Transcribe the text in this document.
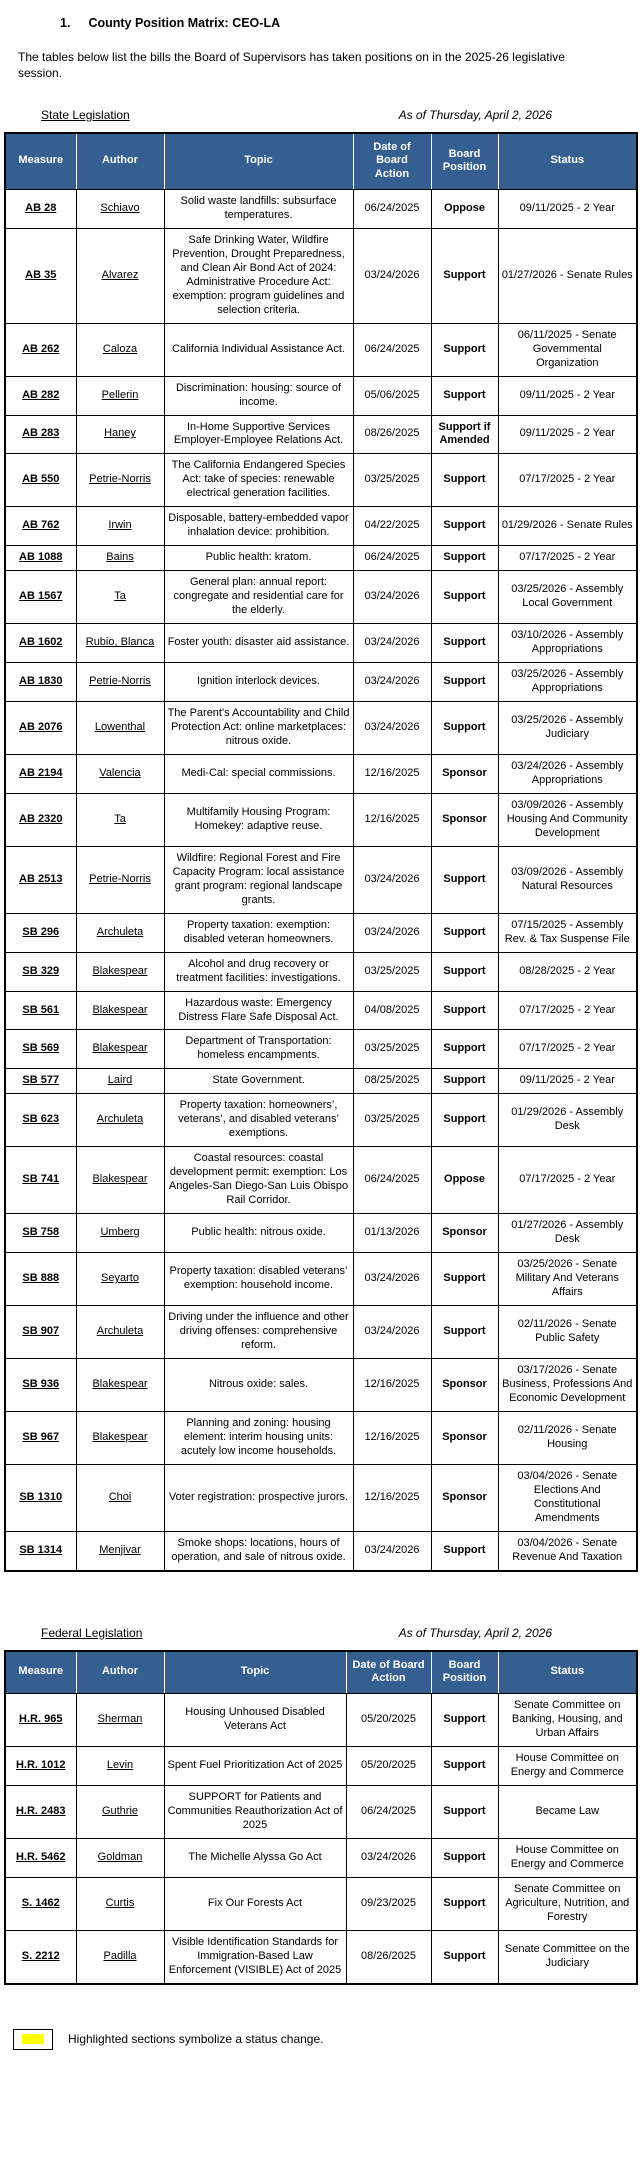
1. County Position Matrix: CEO-LA

The tables below list the bills the Board of Supervisors has taken positions on in the 2025-26 legislative session.

State Legislation	As of Thursday, April 2, 2026
Measure	Author	Topic	Date of Board Action	Board Position	Status
AB 28	Schiavo	Solid waste landfills: subsurface temperatures.	06/24/2025	Oppose	09/11/2025 - 2 Year
AB 35	Alvarez	Safe Drinking Water, Wildfire Prevention, Drought Preparedness, and Clean Air Bond Act of 2024: Administrative Procedure Act: exemption: program guidelines and selection criteria.	03/24/2026	Support	01/27/2026 - Senate Rules
AB 262	Caloza	California Individual Assistance Act.	06/24/2025	Support	06/11/2025 - Senate Governmental Organization
AB 282	Pellerin	Discrimination: housing: source of income.	05/06/2025	Support	09/11/2025 - 2 Year
AB 283	Haney	In-Home Supportive Services Employer-Employee Relations Act.	08/26/2025	Support if Amended	09/11/2025 - 2 Year
AB 550	Petrie-Norris	The California Endangered Species Act: take of species: renewable electrical generation facilities.	03/25/2025	Support	07/17/2025 - 2 Year
AB 762	Irwin	Disposable, battery-embedded vapor inhalation device: prohibition.	04/22/2025	Support	01/29/2026 - Senate Rules
AB 1088	Bains	Public health: kratom.	06/24/2025	Support	07/17/2025 - 2 Year
AB 1567	Ta	General plan: annual report: congregate and residential care for the elderly.	03/24/2026	Support	03/25/2026 - Assembly Local Government
AB 1602	Rubio, Blanca	Foster youth: disaster aid assistance.	03/24/2026	Support	03/10/2026 - Assembly Appropriations
AB 1830	Petrie-Norris	Ignition interlock devices.	03/24/2026	Support	03/25/2026 - Assembly Appropriations
AB 2076	Lowenthal	The Parent's Accountability and Child Protection Act: online marketplaces: nitrous oxide.	03/24/2026	Support	03/25/2026 - Assembly Judiciary
AB 2194	Valencia	Medi-Cal: special commissions.	12/16/2025	Sponsor	03/24/2026 - Assembly Appropriations
AB 2320	Ta	Multifamily Housing Program: Homekey: adaptive reuse.	12/16/2025	Sponsor	03/09/2026 - Assembly Housing And Community Development
AB 2513	Petrie-Norris	Wildfire: Regional Forest and Fire Capacity Program: local assistance grant program: regional landscape grants.	03/24/2026	Support	03/09/2026 - Assembly Natural Resources
SB 296	Archuleta	Property taxation: exemption: disabled veteran homeowners.	03/24/2026	Support	07/15/2025 - Assembly Rev. & Tax Suspense File
SB 329	Blakespear	Alcohol and drug recovery or treatment facilities: investigations.	03/25/2025	Support	08/28/2025 - 2 Year
SB 561	Blakespear	Hazardous waste: Emergency Distress Flare Safe Disposal Act.	04/08/2025	Support	07/17/2025 - 2 Year
SB 569	Blakespear	Department of Transportation: homeless encampments.	03/25/2025	Support	07/17/2025 - 2 Year
SB 577	Laird	State Government.	08/25/2025	Support	09/11/2025 - 2 Year
SB 623	Archuleta	Property taxation: homeowners’, veterans’, and disabled veterans’ exemptions.	03/25/2025	Support	01/29/2026 - Assembly Desk
SB 741	Blakespear	Coastal resources: coastal development permit: exemption: Los Angeles-San Diego-San Luis Obispo Rail Corridor.	06/24/2025	Oppose	07/17/2025 - 2 Year
SB 758	Umberg	Public health: nitrous oxide.	01/13/2026	Sponsor	01/27/2026 - Assembly Desk
SB 888	Seyarto	Property taxation: disabled veterans’ exemption: household income.	03/24/2026	Support	03/25/2026 - Senate Military And Veterans Affairs
SB 907	Archuleta	Driving under the influence and other driving offenses: comprehensive reform.	03/24/2026	Support	02/11/2026 - Senate Public Safety
SB 936	Blakespear	Nitrous oxide: sales.	12/16/2025	Sponsor	03/17/2026 - Senate Business, Professions And Economic Development
SB 967	Blakespear	Planning and zoning: housing element: interim housing units: acutely low income households.	12/16/2025	Sponsor	02/11/2026 - Senate Housing
SB 1310	Choi	Voter registration: prospective jurors.	12/16/2025	Sponsor	03/04/2026 - Senate Elections And Constitutional Amendments
SB 1314	Menjivar	Smoke shops: locations, hours of operation, and sale of nitrous oxide.	03/24/2026	Support	03/04/2026 - Senate Revenue And Taxation
Federal Legislation	As of Thursday, April 2, 2026
Measure	Author	Topic	Date of Board Action	Board Position	Status
H.R. 965	Sherman	Housing Unhoused Disabled Veterans Act	05/20/2025	Support	Senate Committee on Banking, Housing, and Urban Affairs
H.R. 1012	Levin	Spent Fuel Prioritization Act of 2025	05/20/2025	Support	House Committee on Energy and Commerce
H.R. 2483	Guthrie	SUPPORT for Patients and Communities Reauthorization Act of 2025	06/24/2025	Support	Became Law
H.R. 5462	Goldman	The Michelle Alyssa Go Act	03/24/2026	Support	House Committee on Energy and Commerce
S. 1462	Curtis	Fix Our Forests Act	09/23/2025	Support	Senate Committee on Agriculture, Nutrition, and Forestry
S. 2212	Padilla	Visible Identification Standards for Immigration-Based Law Enforcement (VISIBLE) Act of 2025	08/26/2025	Support	Senate Committee on the Judiciary
Highlighted sections symbolize a status change.
